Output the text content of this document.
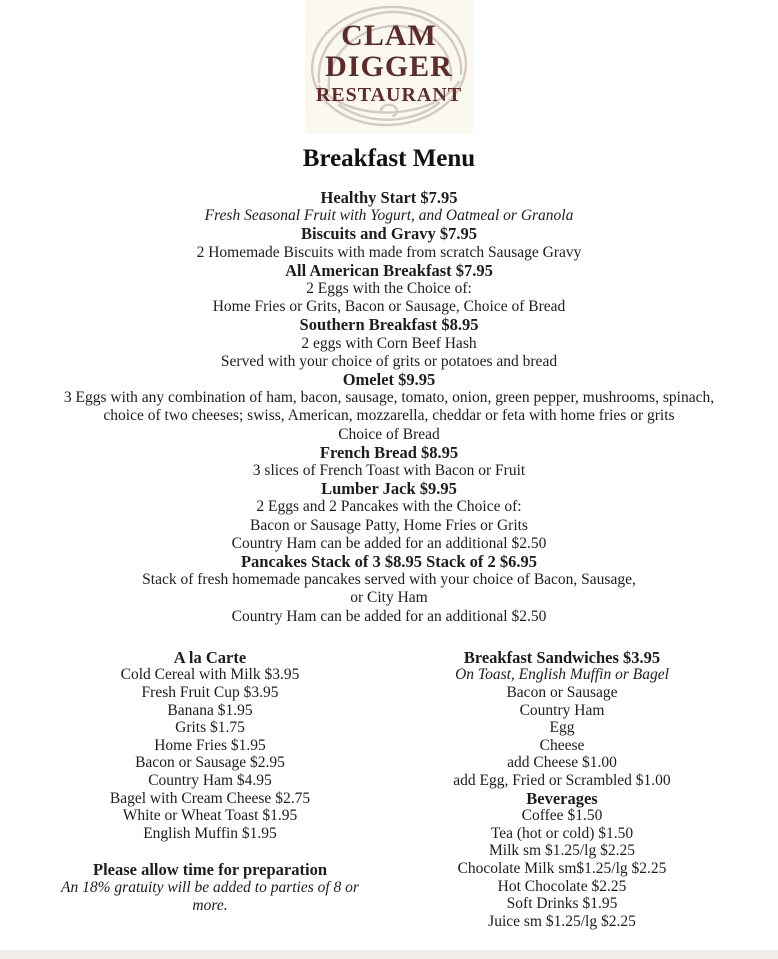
CLAM
DIGGER
RESTAURANT
Breakfast Menu
Healthy Start $7.95
Fresh Seasonal Fruit with Yogurt, and Oatmeal or Granola
Biscuits and Gravy $7.95
2 Homemade Biscuits with made from scratch Sausage Gravy
All American Breakfast $7.95
2 Eggs with the Choice of:
Home Fries or Grits, Bacon or Sausage, Choice of Bread
Southern Breakfast $8.95
2 eggs with Corn Beef Hash
Served with your choice of grits or potatoes and bread
Omelet $9.95
3 Eggs with any combination of ham, bacon, sausage, tomato, onion, green pepper, mushrooms, spinach,
choice of two cheeses; swiss, American, mozzarella, cheddar or feta with home fries or grits
Choice of Bread
French Bread $8.95
3 slices of French Toast with Bacon or Fruit
Lumber Jack $9.95
2 Eggs and 2 Pancakes with the Choice of:
Bacon or Sausage Patty, Home Fries or Grits
Country Ham can be added for an additional $2.50
Pancakes Stack of 3 $8.95 Stack of 2 $6.95
Stack of fresh homemade pancakes served with your choice of Bacon, Sausage,
or City Ham
Country Ham can be added for an additional $2.50
A la Carte
Cold Cereal with Milk $3.95
Fresh Fruit Cup $3.95
Banana $1.95
Grits $1.75
Home Fries $1.95
Bacon or Sausage $2.95
Country Ham $4.95
Bagel with Cream Cheese $2.75
White or Wheat Toast $1.95
English Muffin $1.95
Please allow time for preparation
An 18% gratuity will be added to parties of 8 or more.
Breakfast Sandwiches $3.95
On Toast, English Muffin or Bagel
Bacon or Sausage
Country Ham
Egg
Cheese
add Cheese $1.00
add Egg, Fried or Scrambled $1.00
Beverages
Coffee $1.50
Tea (hot or cold) $1.50
Milk sm $1.25/lg $2.25
Chocolate Milk sm$1.25/lg $2.25
Hot Chocolate $2.25
Soft Drinks $1.95
Juice sm $1.25/lg $2.25
